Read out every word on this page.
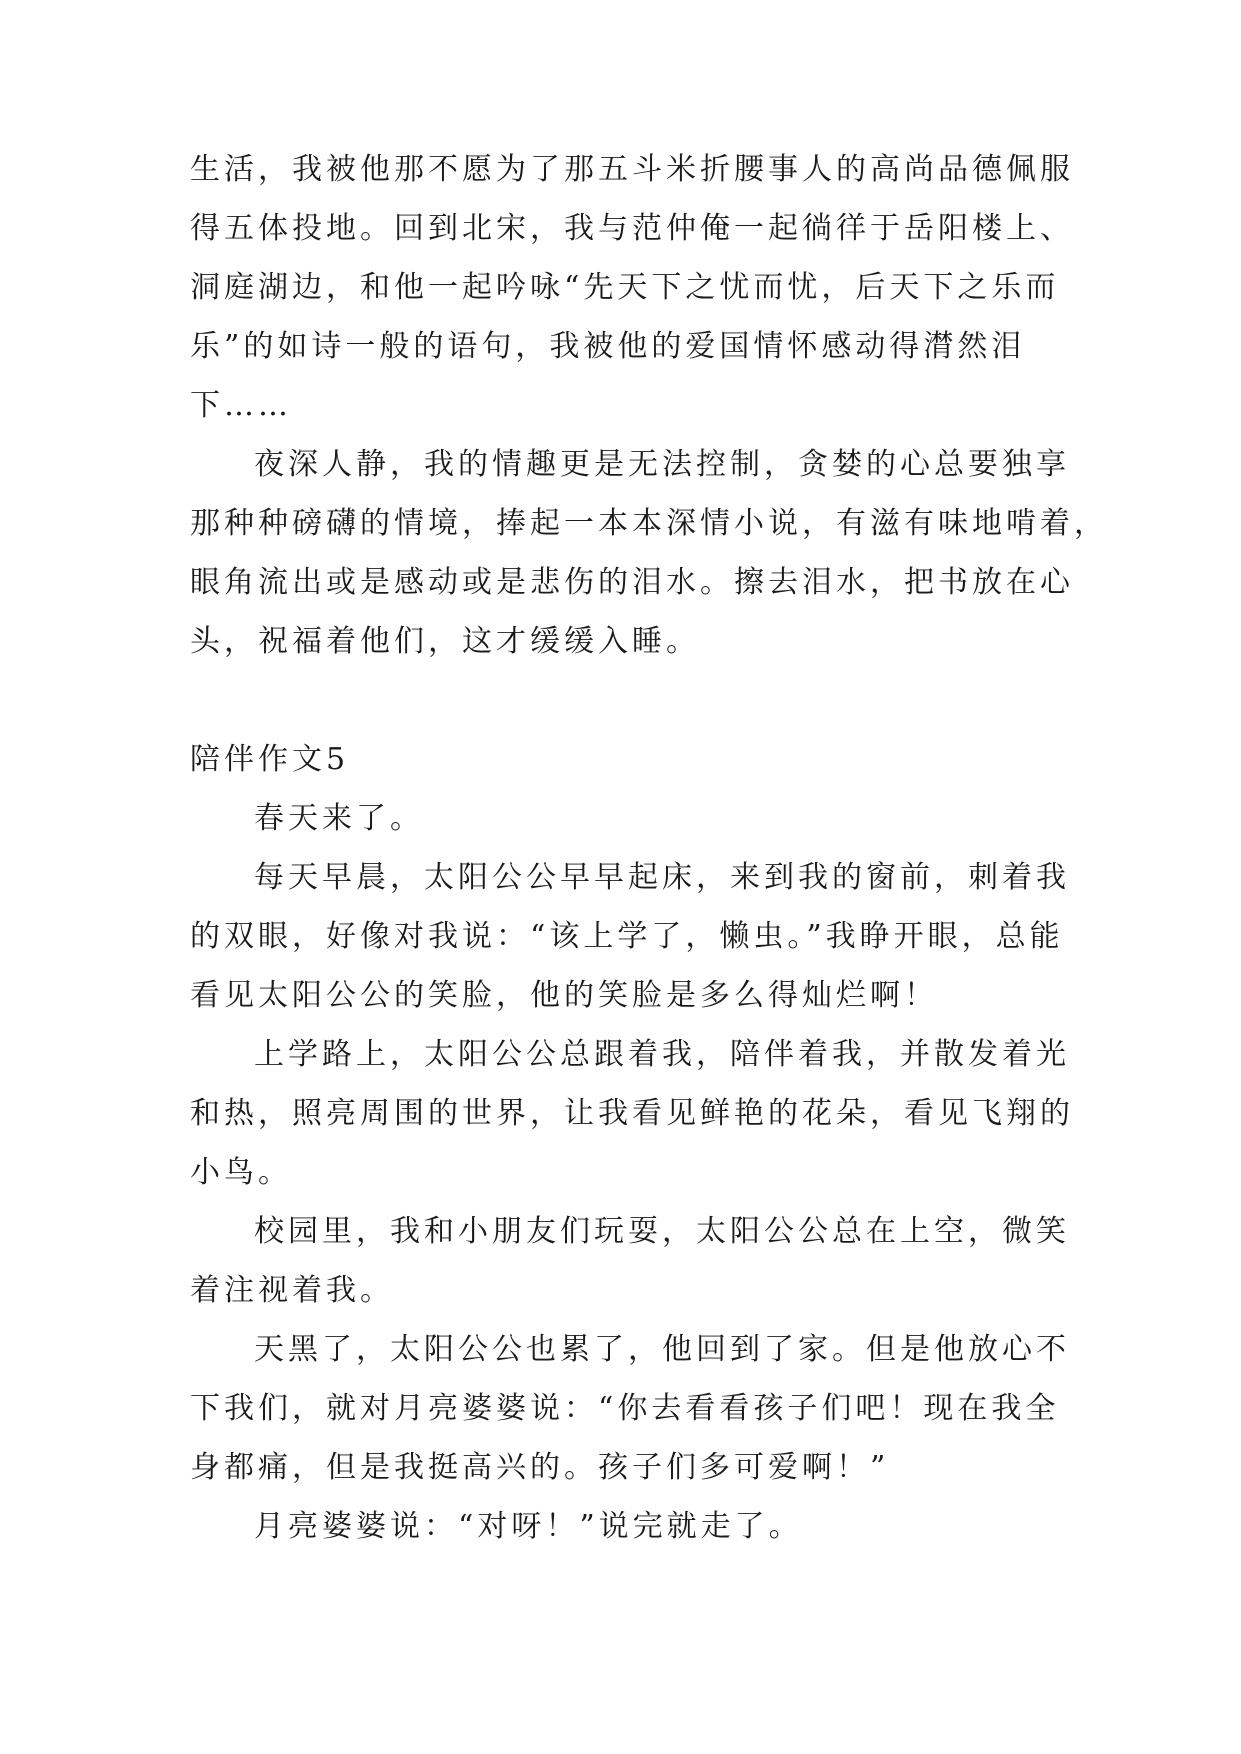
生活，我被他那不愿为了那五斗米折腰事人的高尚品德佩服
得五体投地。回到北宋，我与范仲俺一起徜徉于岳阳楼上、
洞庭湖边，和他一起吟咏“先天下之忧而忧，后天下之乐而
乐”的如诗一般的语句，我被他的爱国情怀感动得潸然泪
下……
夜深人静，我的情趣更是无法控制，贪婪的心总要独享
那种种磅礴的情境，捧起一本本深情小说，有滋有味地啃着，
眼角流出或是感动或是悲伤的泪水。擦去泪水，把书放在心
头，祝福着他们，这才缓缓入睡。
陪伴作文5
春天来了。
每天早晨，太阳公公早早起床，来到我的窗前，刺着我
的双眼，好像对我说：“该上学了，懒虫。”我睁开眼，总能
看见太阳公公的笑脸，他的笑脸是多么得灿烂啊！
上学路上，太阳公公总跟着我，陪伴着我，并散发着光
和热，照亮周围的世界，让我看见鲜艳的花朵，看见飞翔的
小鸟。
校园里，我和小朋友们玩耍，太阳公公总在上空，微笑
着注视着我。
天黑了，太阳公公也累了，他回到了家。但是他放心不
下我们，就对月亮婆婆说：“你去看看孩子们吧！现在我全
身都痛，但是我挺高兴的。孩子们多可爱啊！”
月亮婆婆说：“对呀！”说完就走了。
